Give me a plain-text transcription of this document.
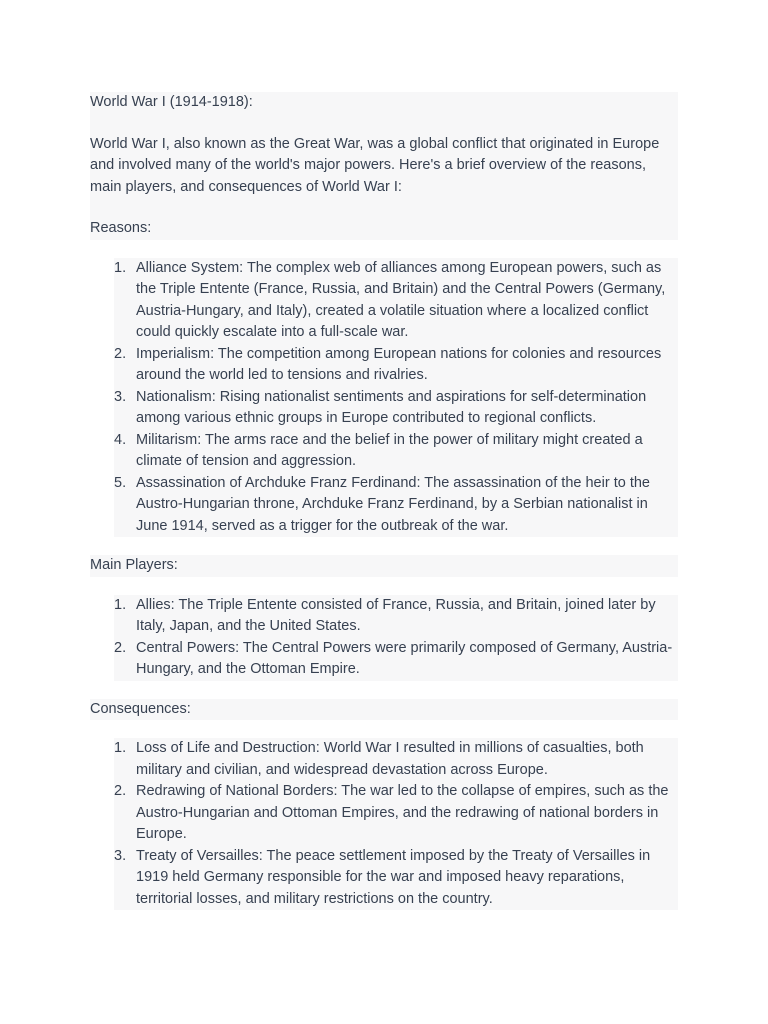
World War I (1914-1918):

World War I, also known as the Great War, was a global conflict that originated in Europe and involved many of the world's major powers. Here's a brief overview of the reasons, main players, and consequences of World War I:

Reasons:

1. Alliance System: The complex web of alliances among European powers, such as the Triple Entente (France, Russia, and Britain) and the Central Powers (Germany, Austria-Hungary, and Italy), created a volatile situation where a localized conflict could quickly escalate into a full-scale war.
2. Imperialism: The competition among European nations for colonies and resources around the world led to tensions and rivalries.
3. Nationalism: Rising nationalist sentiments and aspirations for self-determination among various ethnic groups in Europe contributed to regional conflicts.
4. Militarism: The arms race and the belief in the power of military might created a climate of tension and aggression.
5. Assassination of Archduke Franz Ferdinand: The assassination of the heir to the Austro-Hungarian throne, Archduke Franz Ferdinand, by a Serbian nationalist in June 1914, served as a trigger for the outbreak of the war.

Main Players:

1. Allies: The Triple Entente consisted of France, Russia, and Britain, joined later by Italy, Japan, and the United States.
2. Central Powers: The Central Powers were primarily composed of Germany, Austria-Hungary, and the Ottoman Empire.

Consequences:

1. Loss of Life and Destruction: World War I resulted in millions of casualties, both military and civilian, and widespread devastation across Europe.
2. Redrawing of National Borders: The war led to the collapse of empires, such as the Austro-Hungarian and Ottoman Empires, and the redrawing of national borders in Europe.
3. Treaty of Versailles: The peace settlement imposed by the Treaty of Versailles in 1919 held Germany responsible for the war and imposed heavy reparations, territorial losses, and military restrictions on the country.
